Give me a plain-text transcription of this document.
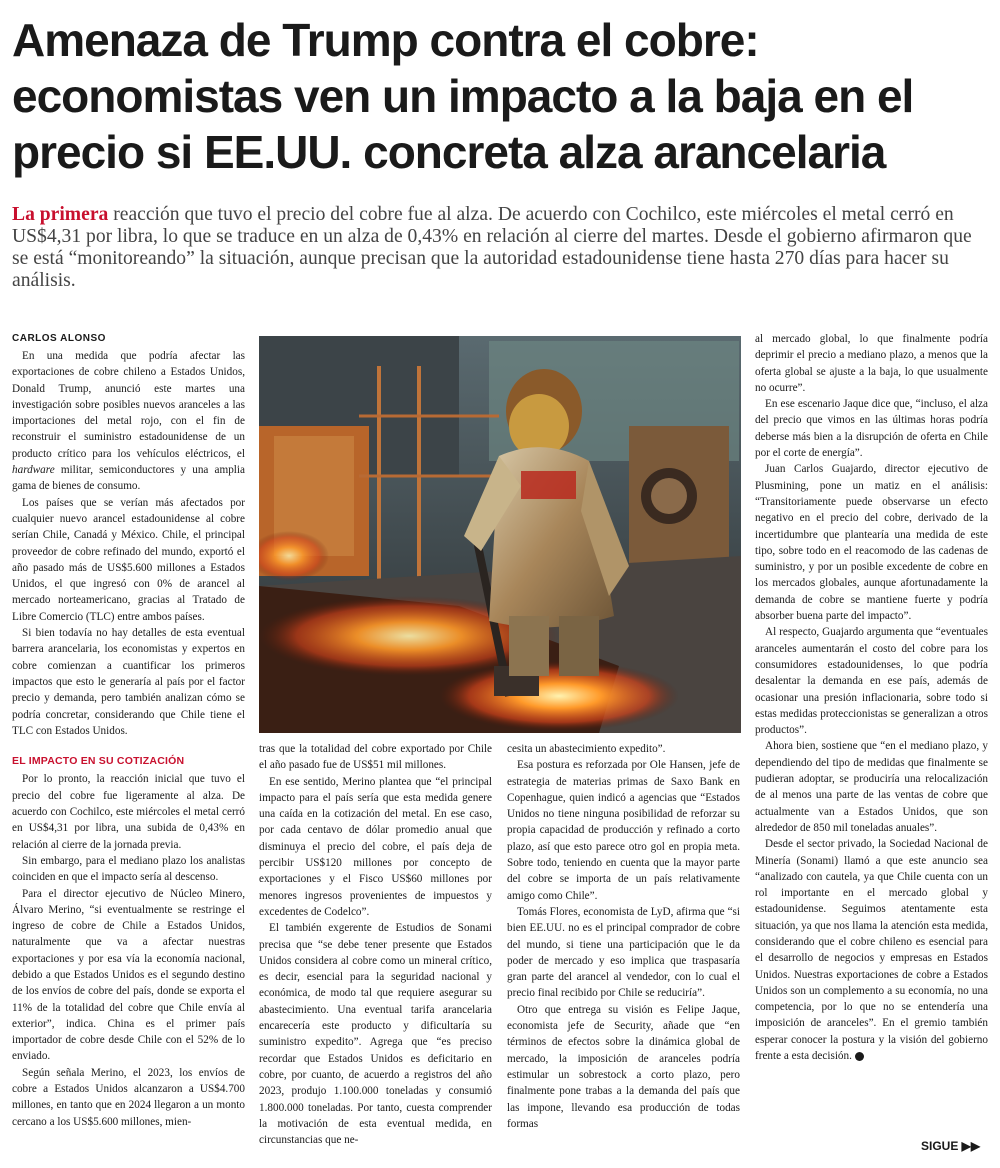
Amenaza de Trump contra el cobre:
economistas ven un impacto a la baja en el
precio si EE.UU. concreta alza arancelaria
La primera reacción que tuvo el precio del cobre fue al alza. De acuerdo con Cochilco, este miércoles el metal cerró en US$4,31 por libra, lo que se traduce en un alza de 0,43% en relación al cierre del martes. Desde el gobierno afirmaron que se está “monitoreando” la situación, aunque precisan que la autoridad estadounidense tiene hasta 270 días para hacer su análisis.
CARLOS ALONSO

En una medida que podría afectar las exportaciones de cobre chileno a Estados Unidos, Donald Trump, anunció este martes una investigación sobre posibles nuevos aranceles a las importaciones del metal rojo, con el fin de reconstruir el suministro estadounidense de un producto crítico para los vehículos eléctricos, el hardware militar, semiconductores y una amplia gama de bienes de consumo.

Los países que se verían más afectados por cualquier nuevo arancel estadounidense al cobre serían Chile, Canadá y México. Chile, el principal proveedor de cobre refinado del mundo, exportó el año pasado más de US$5.600 millones a Estados Unidos, el que ingresó con 0% de arancel al mercado norteamericano, gracias al Tratado de Libre Comercio (TLC) entre ambos países.

Si bien todavía no hay detalles de esta eventual barrera arancelaria, los economistas y expertos en cobre comienzan a cuantificar los primeros impactos que esto le generaría al país por el factor precio y demanda, pero también analizan cómo se podría concretar, considerando que Chile tiene el TLC con Estados Unidos.

EL IMPACTO EN SU COTIZACIÓN

Por lo pronto, la reacción inicial que tuvo el precio del cobre fue ligeramente al alza. De acuerdo con Cochilco, este miércoles el metal cerró en US$4,31 por libra, una subida de 0,43% en relación al cierre de la jornada previa.

Sin embargo, para el mediano plazo los analistas coinciden en que el impacto sería al descenso.

Para el director ejecutivo de Núcleo Minero, Álvaro Merino, “si eventualmente se restringe el ingreso de cobre de Chile a Estados Unidos, naturalmente que va a afectar nuestras exportaciones y por esa vía la economía nacional, debido a que Estados Unidos es el segundo destino de los envíos de cobre del país, donde se exporta el 11% de la totalidad del cobre que Chile envía al exterior”, indica. China es el primer país importador de cobre desde Chile con el 52% de lo enviado.

Según señala Merino, el 2023, los envíos de cobre a Estados Unidos alcanzaron a US$4.700 millones, en tanto que en 2024 llegaron a un monto cercano a los US$5.600 millones, mien-

tras que la totalidad del cobre exportado por Chile el año pasado fue de US$51 mil millones.

En ese sentido, Merino plantea que “el principal impacto para el país sería que esta medida genere una caída en la cotización del metal. En ese caso, por cada centavo de dólar promedio anual que disminuya el precio del cobre, el país deja de percibir US$120 millones por concepto de exportaciones y el Fisco US$60 millones por menores ingresos provenientes de impuestos y excedentes de Codelco”.

El también exgerente de Estudios de Sonami precisa que “se debe tener presente que Estados Unidos considera al cobre como un mineral crítico, es decir, esencial para la seguridad nacional y económica, de modo tal que requiere asegurar su abastecimiento. Una eventual tarifa arancelaria encarecería este producto y dificultaría su suministro expedito”. Agrega que “es preciso recordar que Estados Unidos es deficitario en cobre, por cuanto, de acuerdo a registros del año 2023, produjo 1.100.000 toneladas y consumió 1.800.000 toneladas. Por tanto, cuesta comprender la motivación de esta eventual medida, en circunstancias que ne-

cesita un abastecimiento expedito”.

Esa postura es reforzada por Ole Hansen, jefe de estrategia de materias primas de Saxo Bank en Copenhague, quien indicó a agencias que “Estados Unidos no tiene ninguna posibilidad de reforzar su propia capacidad de producción y refinado a corto plazo, así que esto parece otro gol en propia meta. Sobre todo, teniendo en cuenta que la mayor parte del cobre se importa de un país relativamente amigo como Chile”.

Tomás Flores, economista de LyD, afirma que “si bien EE.UU. no es el principal comprador de cobre del mundo, si tiene una participación que le da poder de mercado y eso implica que traspasaría gran parte del arancel al vendedor, con lo cual el precio final recibido por Chile se reduciría”.

Otro que entrega su visión es Felipe Jaque, economista jefe de Security, añade que “en términos de efectos sobre la dinámica global de mercado, la imposición de aranceles podría estimular un sobrestock a corto plazo, pero finalmente pone trabas a la demanda del país que las impone, llevando esa producción de todas formas

al mercado global, lo que finalmente podría deprimir el precio a mediano plazo, a menos que la oferta global se ajuste a la baja, lo que usualmente no ocurre”.

En ese escenario Jaque dice que, “incluso, el alza del precio que vimos en las últimas horas podría deberse más bien a la disrupción de oferta en Chile por el corte de energía”.

Juan Carlos Guajardo, director ejecutivo de Plusmining, pone un matiz en el análisis: “Transitoriamente puede observarse un efecto negativo en el precio del cobre, derivado de la incertidumbre que plantearía una medida de este tipo, sobre todo en el reacomodo de las cadenas de suministro, y por un posible excedente de cobre en los mercados globales, aunque afortunadamente la demanda de cobre se mantiene fuerte y podría absorber buena parte del impacto”.

Al respecto, Guajardo argumenta que “eventuales aranceles aumentarán el costo del cobre para los consumidores estadounidenses, lo que podría desalentar la demanda en ese país, además de ocasionar una presión inflacionaria, sobre todo si estas medidas proteccionistas se generalizan a otros productos”.

Ahora bien, sostiene que “en el mediano plazo, y dependiendo del tipo de medidas que finalmente se pudieran adoptar, se produciría una relocalización de al menos una parte de las ventas de cobre que actualmente van a Estados Unidos, que son alrededor de 850 mil toneladas anuales”.

Desde el sector privado, la Sociedad Nacional de Minería (Sonami) llamó a que este anuncio sea “analizado con cautela, ya que Chile cuenta con un rol importante en el mercado global y estadounidense. Seguimos atentamente esta situación, ya que nos llama la atención esta medida, considerando que el cobre chileno es esencial para el desarrollo de negocios y empresas en Estados Unidos. Nuestras exportaciones de cobre a Estados Unidos son un complemento a su economía, no una competencia, por lo que no se entendería una imposición de aranceles”. En el gremio también esperar conocer la postura y la visión del gobierno frente a esta decisión.

SIGUE ▶▶
